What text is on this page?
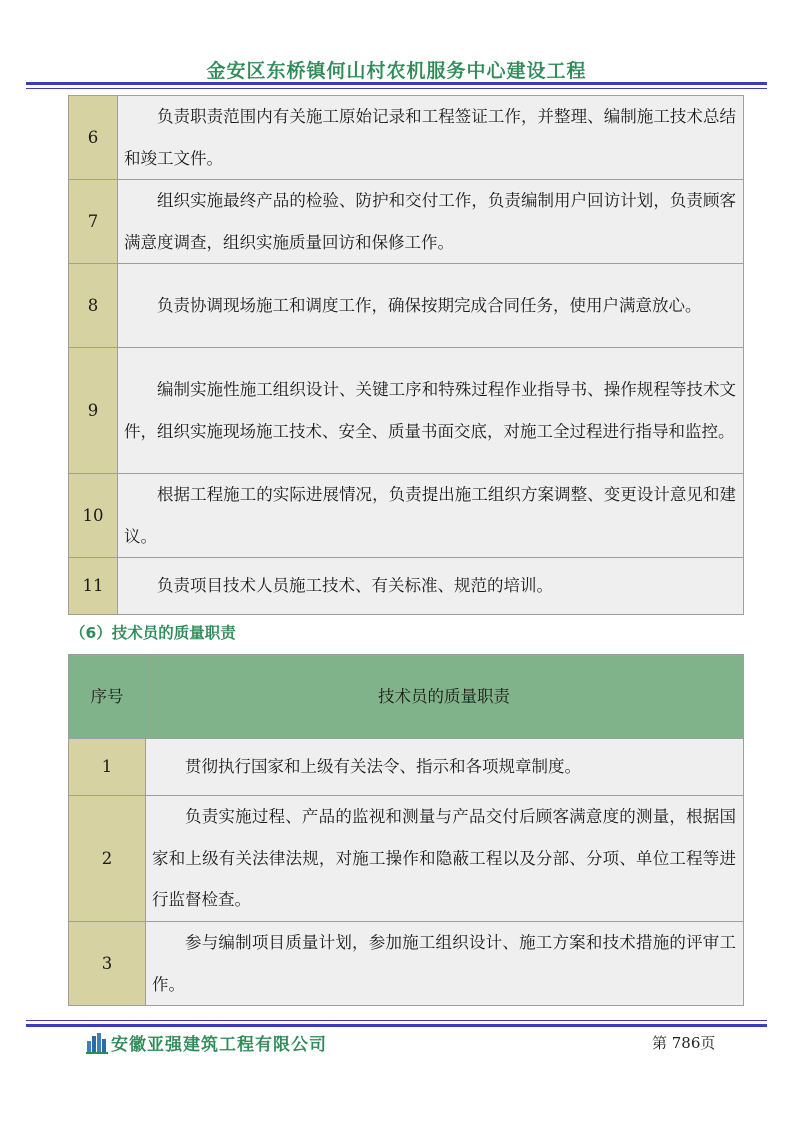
金安区东桥镇何山村农机服务中心建设工程
6	负责职责范围内有关施工原始记录和工程签证工作，并整理、编制施工技术总结和竣工文件。
7	组织实施最终产品的检验、防护和交付工作，负责编制用户回访计划，负责顾客满意度调查，组织实施质量回访和保修工作。
8	负责协调现场施工和调度工作，确保按期完成合同任务，使用户满意放心。
9	编制实施性施工组织设计、关键工序和特殊过程作业指导书、操作规程等技术文件，组织实施现场施工技术、安全、质量书面交底，对施工全过程进行指导和监控。
10	根据工程施工的实际进展情况，负责提出施工组织方案调整、变更设计意见和建议。
11	负责项目技术人员施工技术、有关标准、规范的培训。
（6）技术员的质量职责
序号	技术员的质量职责
1	贯彻执行国家和上级有关法令、指示和各项规章制度。
2	负责实施过程、产品的监视和测量与产品交付后顾客满意度的测量，根据国家和上级有关法律法规，对施工操作和隐蔽工程以及分部、分项、单位工程等进行监督检查。
3	参与编制项目质量计划，参加施工组织设计、施工方案和技术措施的评审工作。
安徽亚强建筑工程有限公司	第 786页
